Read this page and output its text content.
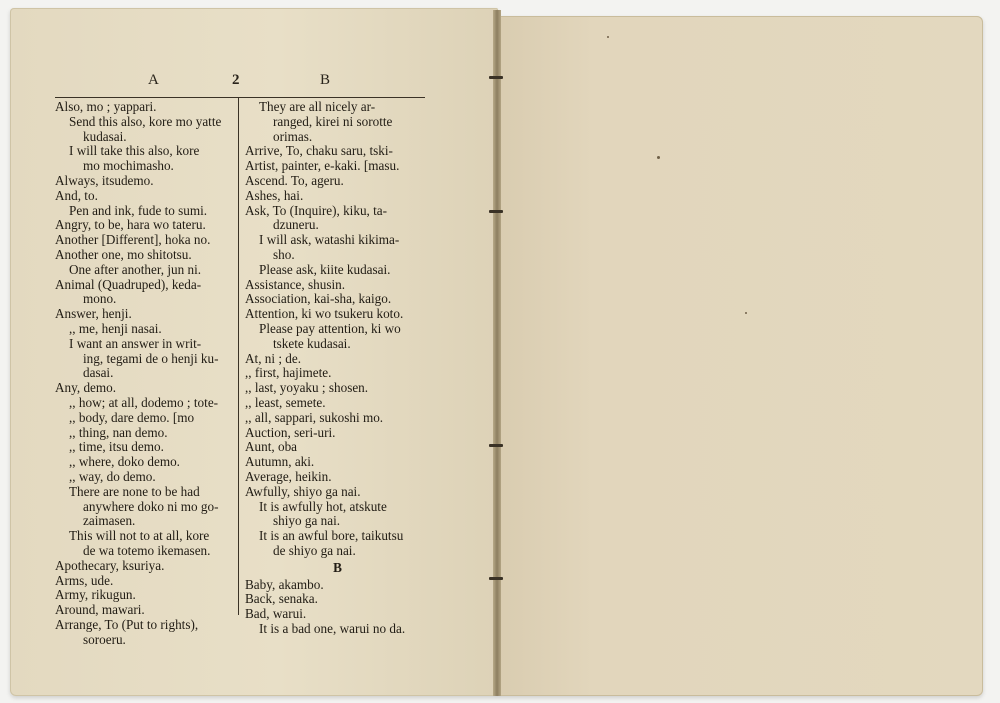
A	2	B
Also, mo ; yappari.
Send this also, kore mo yatte
kudasai.
I will take this also, kore
mo mochimasho.
Always, itsudemo.
And, to.
Pen and ink, fude to sumi.
Angry, to be, hara wo tateru.
Another [Different], hoka no.
Another one, mo shitotsu.
One after another, jun ni.
Animal (Quadruped), keda-
mono.
Answer, henji.
,, me, henji nasai.
I want an answer in writ-
ing, tegami de o henji ku-
dasai.
Any, demo.
,, how; at all, dodemo ; tote-
,, body, dare demo. [mo
,, thing, nan demo.
,, time, itsu demo.
,, where, doko demo.
,, way, do demo.
There are none to be had
anywhere doko ni mo go-
zaimasen.
This will not to at all, kore
de wa totemo ikemasen.
Apothecary, ksuriya.
Arms, ude.
Army, rikugun.
Around, mawari.
Arrange, To (Put to rights),
soroeru.
They are all nicely ar-
ranged, kirei ni sorotte
orimas.
Arrive, To, chaku saru, tski-
Artist, painter, e-kaki. [masu.
Ascend. To, ageru.
Ashes, hai.
Ask, To (Inquire), kiku, ta-
dzuneru.
I will ask, watashi kikima-
sho.
Please ask, kiite kudasai.
Assistance, shusin.
Association, kai-sha, kaigo.
Attention, ki wo tsukeru koto.
Please pay attention, ki wo
tskete kudasai.
At, ni ; de.
,, first, hajimete.
,, last, yoyaku ; shosen.
,, least, semete.
,, all, sappari, sukoshi mo.
Auction, seri-uri.
Aunt, oba
Autumn, aki.
Average, heikin.
Awfully, shiyo ga nai.
It is awfully hot, atskute
shiyo ga nai.
It is an awful bore, taikutsu
de shiyo ga nai.
B
Baby, akambo.
Back, senaka.
Bad, warui.
It is a bad one, warui no da.
